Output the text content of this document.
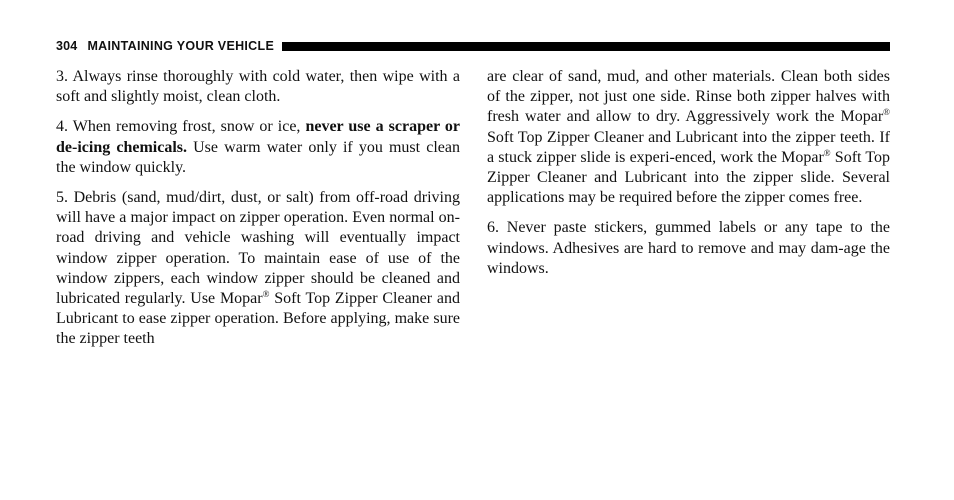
304 MAINTAINING YOUR VEHICLE

3. Always rinse thoroughly with cold water, then wipe with a soft and slightly moist, clean cloth.

4. When removing frost, snow or ice, never use a scraper or de-icing chemicals. Use warm water only if you must clean the window quickly.

5. Debris (sand, mud/dirt, dust, or salt) from off-road driving will have a major impact on zipper operation. Even normal on-road driving and vehicle washing will eventually impact window zipper operation. To maintain ease of use of the window zippers, each window zipper should be cleaned and lubricated regularly. Use Mopar® Soft Top Zipper Cleaner and Lubricant to ease zipper operation. Before applying, make sure the zipper teeth

are clear of sand, mud, and other materials. Clean both sides of the zipper, not just one side. Rinse both zipper halves with fresh water and allow to dry. Aggressively work the Mopar® Soft Top Zipper Cleaner and Lubricant into the zipper teeth. If a stuck zipper slide is experi-enced, work the Mopar® Soft Top Zipper Cleaner and Lubricant into the zipper slide. Several applications may be required before the zipper comes free.

6. Never paste stickers, gummed labels or any tape to the windows. Adhesives are hard to remove and may dam-age the windows.
